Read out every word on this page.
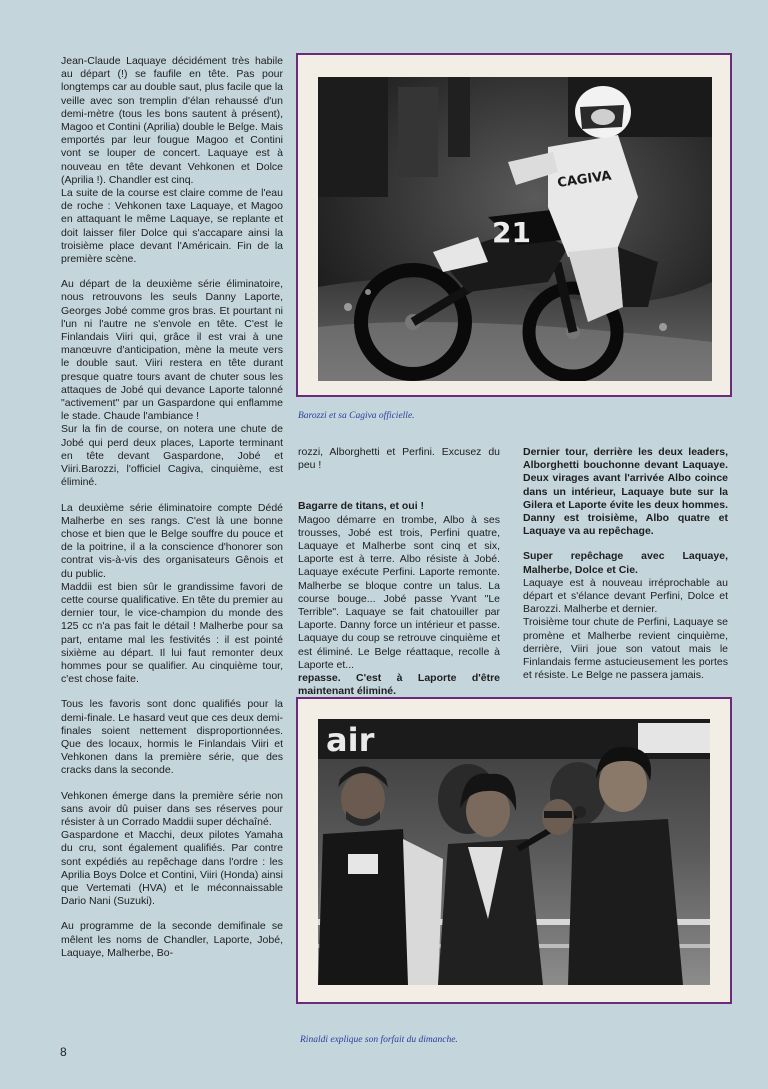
Jean-Claude Laquaye décidément très habile au départ (!) se faufile en tête. Pas pour longtemps car au double saut, plus facile que la veille avec son tremplin d'élan rehaussé d'un demi-mètre (tous les bons sautent à présent), Magoo et Contini (Aprilia) double le Belge. Mais emportés par leur fougue Magoo et Contini vont se louper de concert. Laquaye est à nouveau en tête devant Vehkonen et Dolce (Aprilia !). Chandler est cinq.

La suite de la course est claire comme de l'eau de roche : Vehkonen taxe Laquaye, et Magoo en attaquant le même Laquaye, se replante et doit laisser filer Dolce qui s'accapare ainsi la troisième place devant l'Américain. Fin de la première scène.

Au départ de la deuxième série éliminatoire, nous retrouvons les seuls Danny Laporte, Georges Jobé comme gros bras. Et pourtant ni l'un ni l'autre ne s'envole en tête. C'est le Finlandais Viiri qui, grâce il est vrai à une manœuvre d'anticipation, mène la meute vers le double saut. Viiri restera en tête durant presque quatre tours avant de chuter sous les attaques de Jobé qui devance Laporte talonné "activement" par un Gaspardone qui enflamme le stade. Chaude l'ambiance !

Sur la fin de course, on notera une chute de Jobé qui perd deux places, Laporte terminant en tête devant Gaspardone, Jobé et Viiri.Barozzi, l'officiel Cagiva, cinquième, est éliminé.

La deuxième série éliminatoire compte Dédé Malherbe en ses rangs. C'est là une bonne chose et bien que le Belge souffre du pouce et de la poitrine, il a la conscience d'honorer son contrat vis-à-vis des organisateurs Gênois et du public.

Maddii est bien sûr le grandissime favori de cette course qualificative. En tête du premier au dernier tour, le vice-champion du monde des 125 cc n'a pas fait le détail ! Malherbe pour sa part, entame mal les festivités : il est pointé sixième au départ. Il lui faut remonter deux hommes pour se qualifier. Au cinquième tour, c'est chose faite.

Tous les favoris sont donc qualifiés pour la demi-finale. Le hasard veut que ces deux demi-finales soient nettement disproportionnées. Que des locaux, hormis le Finlandais Viiri et Vehkonen dans la première série, que des cracks dans la seconde.

Vehkonen émerge dans la première série non sans avoir dû puiser dans ses réserves pour résister à un Corrado Maddii super déchaîné.

Gaspardone et Macchi, deux pilotes Yamaha du cru, sont également qualifiés. Par contre sont expédiés au repêchage dans l'ordre : les Aprilia Boys Dolce et Contini, Viiri (Honda) ainsi que Vertemati (HVA) et le méconnaissable Dario Nani (Suzuki).

Au programme de la seconde demifinale se mêlent les noms de Chandler, Laporte, Jobé, Laquaye, Malherbe, Bo-

8
21
CAGIVA
Barozzi et sa Cagiva officielle.

rozzi, Alborghetti et Perfini. Excusez du peu !

Bagarre de titans, et oui !

Magoo démarre en trombe, Albo à ses trousses, Jobé est trois, Perfini quatre, Laquaye et Malherbe sont cinq et six, Laporte est à terre. Albo résiste à Jobé. Laquaye exécute Perfini. Laporte remonte. Malherbe se bloque contre un talus. La course bouge... Jobé passe Yvant "Le Terrible". Laquaye se fait chatouiller par Laporte. Danny force un intérieur et passe. Laquaye du coup se retrouve cinquième et est éliminé. Le Belge réattaque, recolle à Laporte et...

repasse. C'est à Laporte d'être maintenant éliminé.

Dernier tour, derrière les deux leaders, Alborghetti bouchonne devant Laquaye. Deux virages avant l'arrivée Albo coince dans un intérieur, Laquaye bute sur la Gilera et Laporte évite les deux hommes. Danny est troisième, Albo quatre et Laquaye va au repêchage.

Super repêchage avec Laquaye, Malherbe, Dolce et Cie.

Laquaye est à nouveau irréprochable au départ et s'élance devant Perfini, Dolce et Barozzi. Malherbe et dernier.

Troisième tour chute de Perfini, Laquaye se promène et Malherbe revient cinquième, derrière, Viiri joue son vatout mais le Finlandais ferme astucieusement les portes et résiste. Le Belge ne passera jamais.

air
Rinaldi explique son forfait du dimanche.
